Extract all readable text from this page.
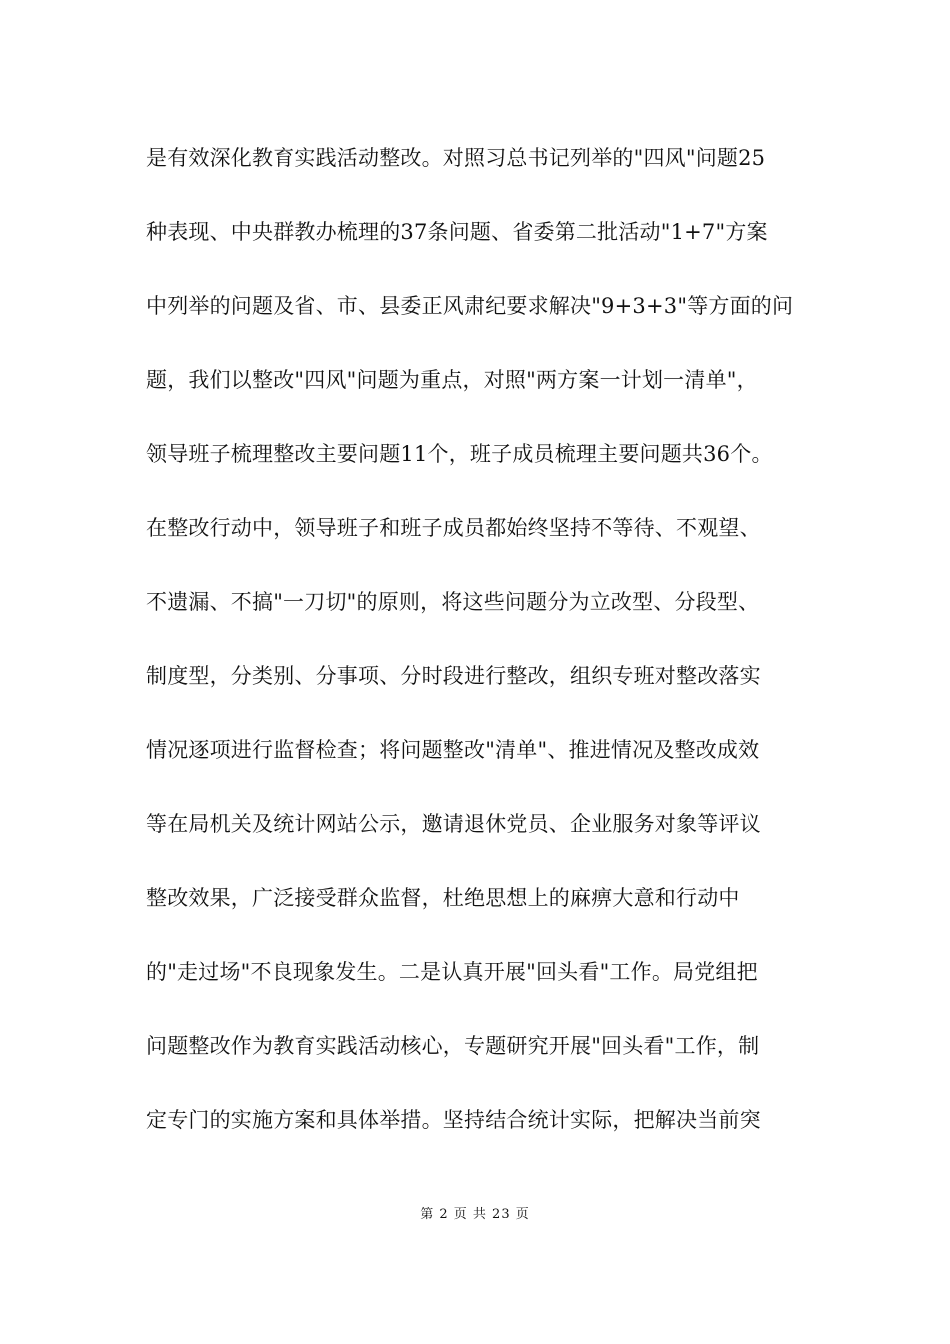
是有效深化教育实践活动整改。对照习总书记列举的"四风"问题25
种表现、中央群教办梳理的37条问题、省委第二批活动"1+7"方案
中列举的问题及省、市、县委正风肃纪要求解决"9+3+3"等方面的问
题，我们以整改"四风"问题为重点，对照"两方案一计划一清单"，
领导班子梳理整改主要问题11个，班子成员梳理主要问题共36个。
在整改行动中，领导班子和班子成员都始终坚持不等待、不观望、
不遗漏、不搞"一刀切"的原则，将这些问题分为立改型、分段型、
制度型，分类别、分事项、分时段进行整改，组织专班对整改落实
情况逐项进行监督检查；将问题整改"清单"、推进情况及整改成效
等在局机关及统计网站公示，邀请退休党员、企业服务对象等评议
整改效果，广泛接受群众监督，杜绝思想上的麻痹大意和行动中
的"走过场"不良现象发生。二是认真开展"回头看"工作。局党组把
问题整改作为教育实践活动核心，专题研究开展"回头看"工作，制
定专门的实施方案和具体举措。坚持结合统计实际，把解决当前突
第 2 页 共 23 页
